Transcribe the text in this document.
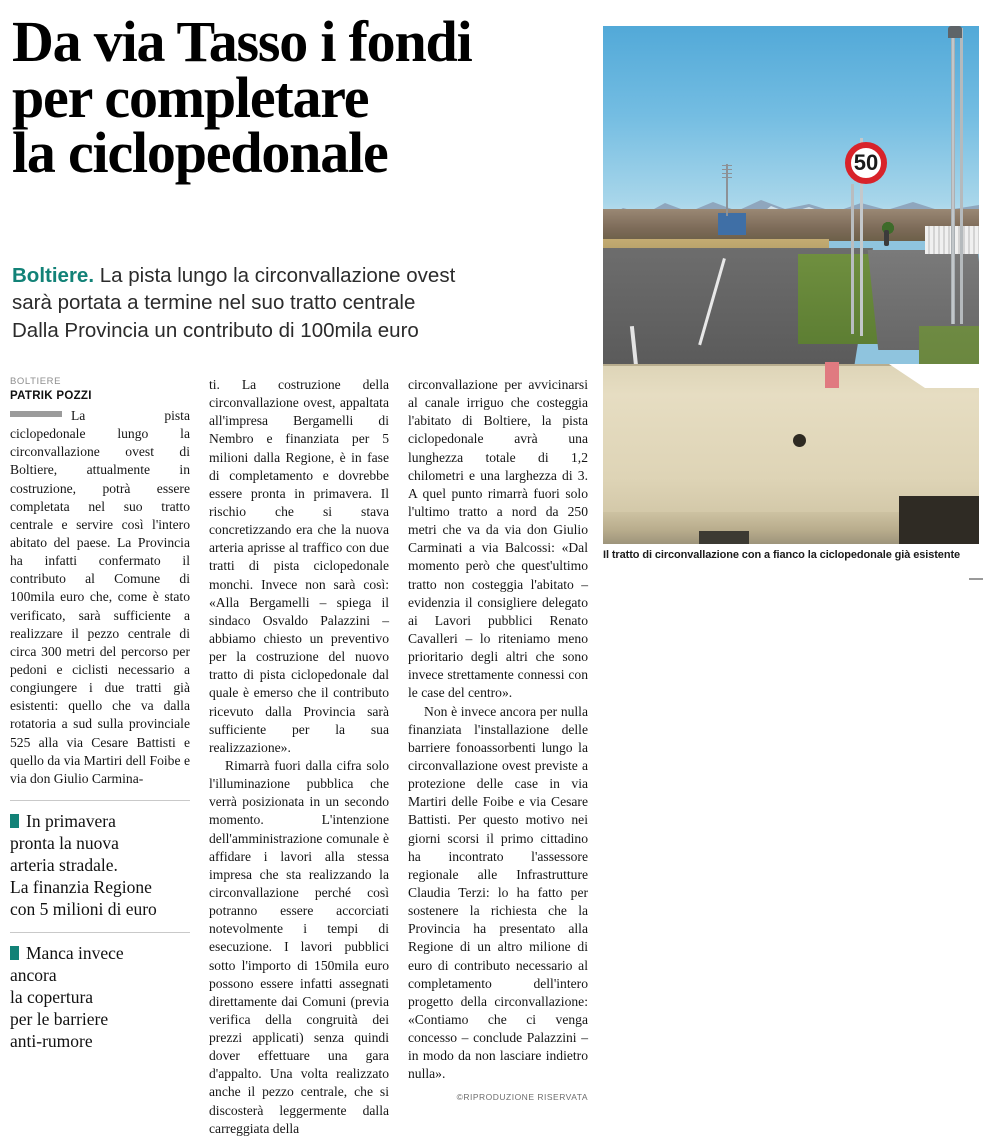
Da via Tasso i fondi
per completare
la ciclopedonale
Boltiere. La pista lungo la circonvallazione ovest
sarà portata a termine nel suo tratto centrale
Dalla Provincia un contributo di 100mila euro
BOLTIERE
PATRIK POZZI

La pista ciclopedonale lungo la circonvallazione ovest di Boltiere, attualmente in costruzione, potrà essere completata nel suo tratto centrale e servire così l'intero abitato del paese. La Provincia ha infatti confermato il contributo al Comune di 100mila euro che, come è stato verificato, sarà sufficiente a realizzare il pezzo centrale di circa 300 metri del percorso per pedoni e ciclisti necessario a congiungere i due tratti già esistenti: quello che va dalla rotatoria a sud sulla provinciale 525 alla via Cesare Battisti e quello da via Martiri dell Foibe e via don Giulio Carmina-

In primavera
pronta la nuova
arteria stradale.
La finanzia Regione
con 5 milioni di euro
Manca invece
ancora
la copertura
per le barriere
anti-rumore

ti. La costruzione della circonvallazione ovest, appaltata all'impresa Bergamelli di Nembro e finanziata per 5 milioni dalla Regione, è in fase di completamento e dovrebbe essere pronta in primavera. Il rischio che si stava concretizzando era che la nuova arteria aprisse al traffico con due tratti di pista ciclopedonale monchi. Invece non sarà così: «Alla Bergamelli – spiega il sindaco Osvaldo Palazzini – abbiamo chiesto un preventivo per la costruzione del nuovo tratto di pista ciclopedonale dal quale è emerso che il contributo ricevuto dalla Provincia sarà sufficiente per la sua realizzazione».

Rimarrà fuori dalla cifra solo l'illuminazione pubblica che verrà posizionata in un secondo momento. L'intenzione dell'amministrazione comunale è affidare i lavori alla stessa impresa che sta realizzando la circonvallazione perché così potranno essere accorciati notevolmente i tempi di esecuzione. I lavori pubblici sotto l'importo di 150mila euro possono essere infatti assegnati direttamente dai Comuni (previa verifica della congruità dei prezzi applicati) senza quindi dover effettuare una gara d'appalto. Una volta realizzato anche il pezzo centrale, che si discosterà leggermente dalla carreggiata della

circonvallazione per avvicinarsi al canale irriguo che costeggia l'abitato di Boltiere, la pista ciclopedonale avrà una lunghezza totale di 1,2 chilometri e una larghezza di 3. A quel punto rimarrà fuori solo l'ultimo tratto a nord da 250 metri che va da via don Giulio Carminati a via Balcossi: «Dal momento però che quest'ultimo tratto non costeggia l'abitato – evidenzia il consigliere delegato ai Lavori pubblici Renato Cavalleri – lo riteniamo meno prioritario degli altri che sono invece strettamente connessi con le case del centro».

Non è invece ancora per nulla finanziata l'installazione delle barriere fonoassorbenti lungo la circonvallazione ovest previste a protezione delle case in via Martiri delle Foibe e via Cesare Battisti. Per questo motivo nei giorni scorsi il primo cittadino ha incontrato l'assessore regionale alle Infrastrutture Claudia Terzi: lo ha fatto per sostenere la richiesta che la Provincia ha presentato alla Regione di un altro milione di euro di contributo necessario al completamento dell'intero progetto della circonvallazione: «Contiamo che ci venga concesso – conclude Palazzini – in modo da non lasciare indietro nulla».

©RIPRODUZIONE RISERVATA
50
Il tratto di circonvallazione con a fianco la ciclopedonale già esistente
